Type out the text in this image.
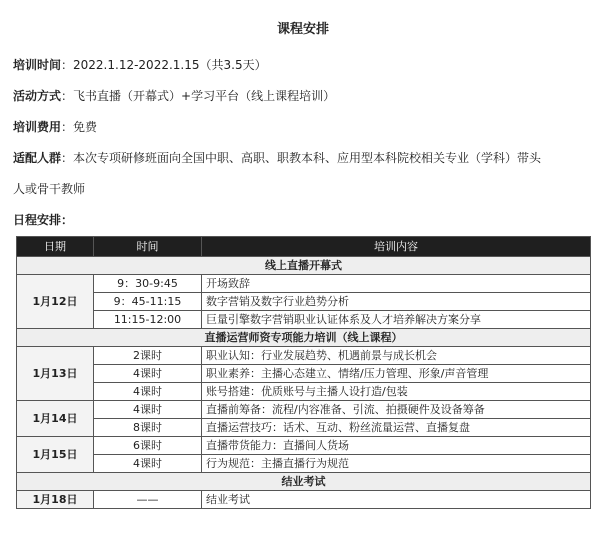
课程安排
培训时间：2022.1.12-2022.1.15（共3.5天）
活动方式：飞书直播（开幕式）+学习平台（线上课程培训）
培训费用：免费
适配人群：本次专项研修班面向全国中职、高职、职教本科、应用型本科院校相关专业（学科）带头
人或骨干教师
日程安排：
日期	时间	培训内容
线上直播开幕式		
1月12日	9：30-9:45	开场致辞
	9：45-11:15	数字营销及数字行业趋势分析
	11:15-12:00	巨量引擎数字营销职业认证体系及人才培养解决方案分享
直播运营师资专项能力培训（线上课程）		
1月13日	2课时	职业认知：行业发展趋势、机遇前景与成长机会
	4课时	职业素养：主播心态建立、情绪/压力管理、形象/声音管理
	4课时	账号搭建：优质账号与主播人设打造/包装
1月14日	4课时	直播前筹备：流程/内容准备、引流、拍摄硬件及设备筹备
	8课时	直播运营技巧：话术、互动、粉丝流量运营、直播复盘
1月15日	6课时	直播带货能力：直播间人货场
	4课时	行为规范：主播直播行为规范
结业考试		
1月18日	——	结业考试
